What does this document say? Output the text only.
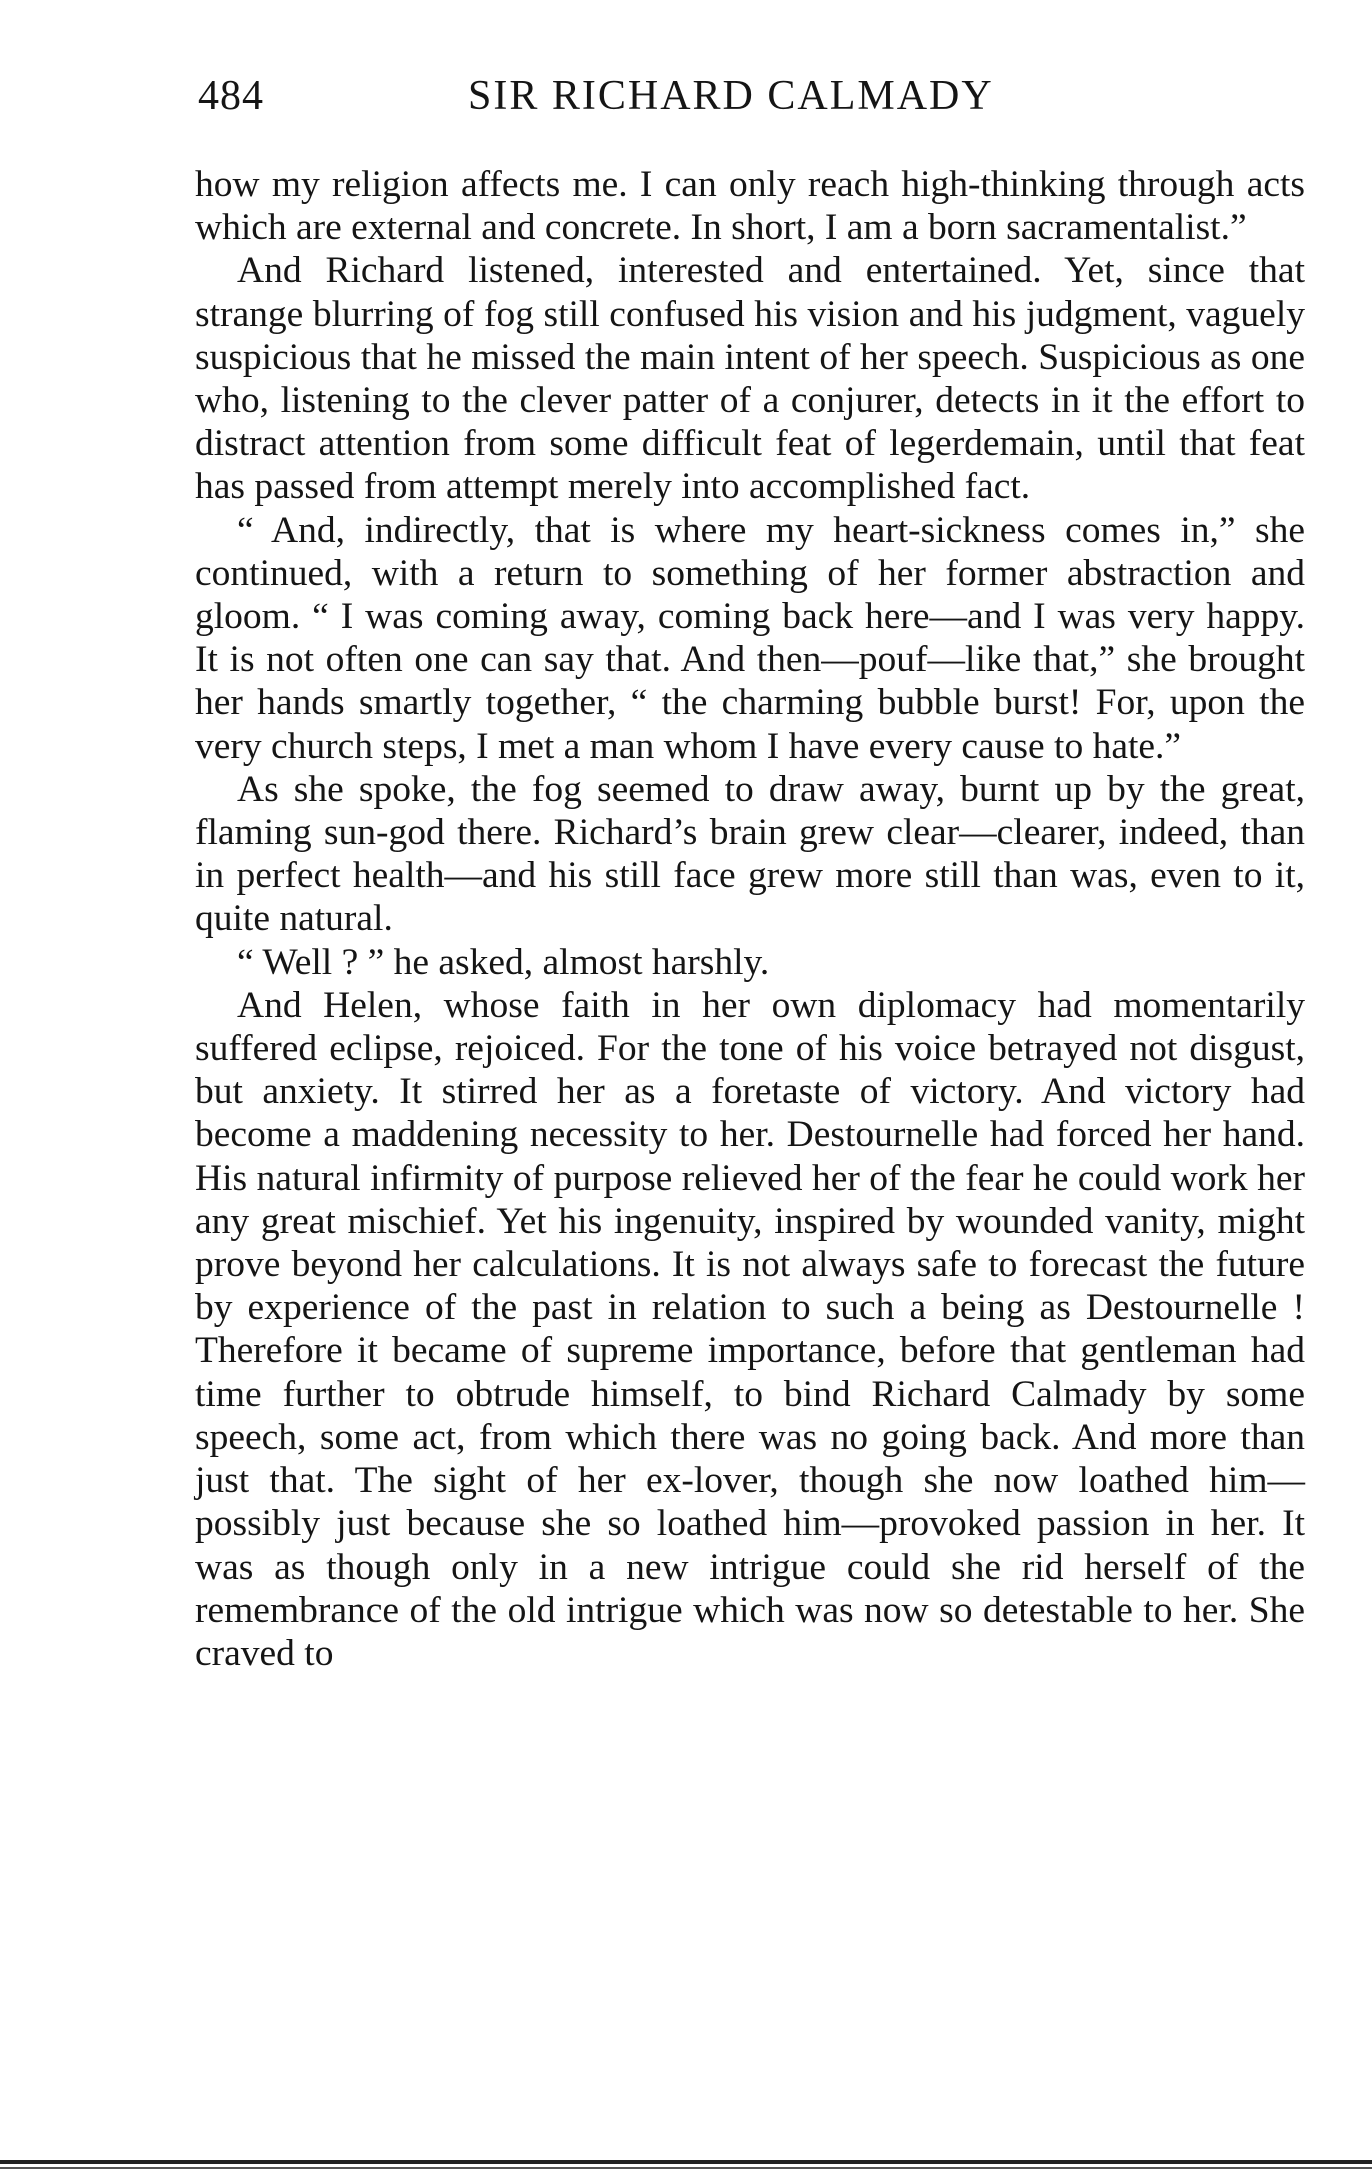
484	SIR RICHARD CALMADY

how my religion affects me. I can only reach high-thinking through acts which are external and concrete. In short, I am a born sacramentalist.”

And Richard listened, interested and entertained. Yet, since that strange blurring of fog still confused his vision and his judgment, vaguely suspicious that he missed the main intent of her speech. Suspicious as one who, listening to the clever patter of a conjurer, detects in it the effort to distract attention from some difficult feat of legerdemain, until that feat has passed from attempt merely into accomplished fact.

“ And, indirectly, that is where my heart-sickness comes in,” she continued, with a return to something of her former abstraction and gloom. “ I was coming away, coming back here—and I was very happy. It is not often one can say that. And then—pouf—like that,” she brought her hands smartly together, “ the charming bubble burst! For, upon the very church steps, I met a man whom I have every cause to hate.”

As she spoke, the fog seemed to draw away, burnt up by the great, flaming sun-god there. Richard’s brain grew clear—clearer, indeed, than in perfect health—and his still face grew more still than was, even to it, quite natural.

“ Well ? ” he asked, almost harshly.

And Helen, whose faith in her own diplomacy had momentarily suffered eclipse, rejoiced. For the tone of his voice betrayed not disgust, but anxiety. It stirred her as a foretaste of victory. And victory had become a maddening necessity to her. Destournelle had forced her hand. His natural infirmity of purpose relieved her of the fear he could work her any great mischief. Yet his ingenuity, inspired by wounded vanity, might prove beyond her calculations. It is not always safe to forecast the future by experience of the past in relation to such a being as Destournelle ! Therefore it became of supreme importance, before that gentleman had time further to obtrude himself, to bind Richard Calmady by some speech, some act, from which there was no going back. And more than just that. The sight of her ex-lover, though she now loathed him—possibly just because she so loathed him—provoked passion in her. It was as though only in a new intrigue could she rid herself of the remembrance of the old intrigue which was now so detestable to her. She craved to
